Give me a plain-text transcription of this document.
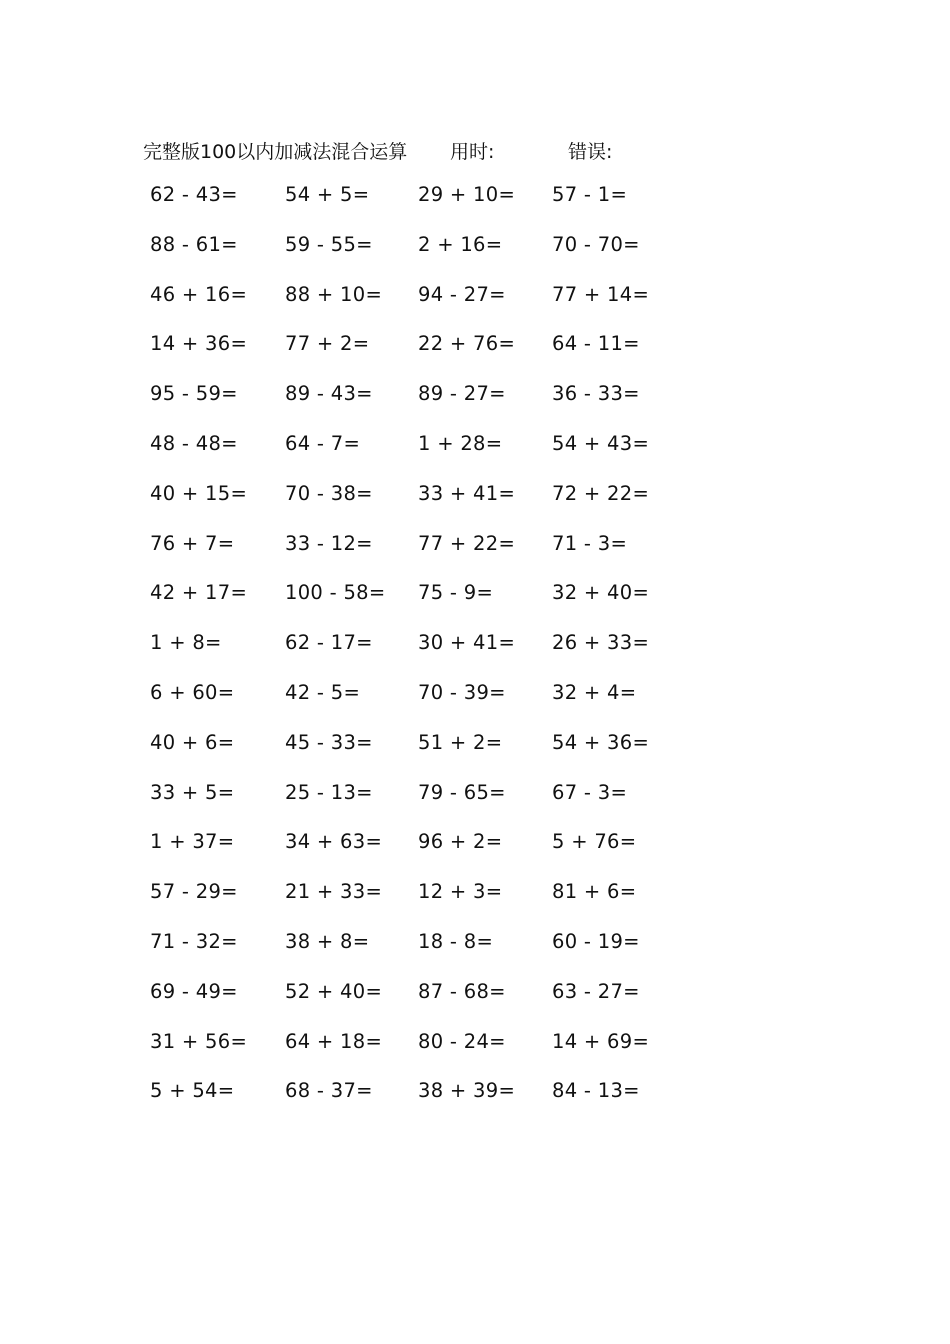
完整版100以内加减法混合运算 用时:	错误:
62 - 43= 54 + 5= 29 + 10= 57 - 1=
88 - 61= 59 - 55= 2 + 16=	70 - 70=
46 + 16= 88 + 10= 94 - 27= 77 + 14=
14 + 36= 77 + 2= 22 + 76= 64 - 11=
95 - 59= 89 - 43= 89 - 27= 36 - 33=
48 - 48= 64 - 7=	1 + 28=	54 + 43=
40 + 15= 70 - 38= 33 + 41= 72 + 22=
76 + 7=	33 - 12= 77 + 22= 71 - 3=
42 + 17= 100 - 58= 75 - 9=	32 + 40=
1 + 8=	62 - 17= 30 + 41= 26 + 33=
6 + 60=	42 - 5=	70 - 39= 32 + 4=
40 + 6=	45 - 33= 51 + 2=	54 + 36=
33 + 5=	25 - 13= 79 - 65= 67 - 3=
1 + 37=	34 + 63= 96 + 2=	5 + 76=
57 - 29= 21 + 33= 12 + 3=	81 + 6=
71 - 32= 38 + 8= 18 - 8=	60 - 19=
69 - 49= 52 + 40= 87 - 68= 63 - 27=
31 + 56= 64 + 18= 80 - 24= 14 + 69=
5 + 54=	68 - 37= 38 + 39= 84 - 13=
